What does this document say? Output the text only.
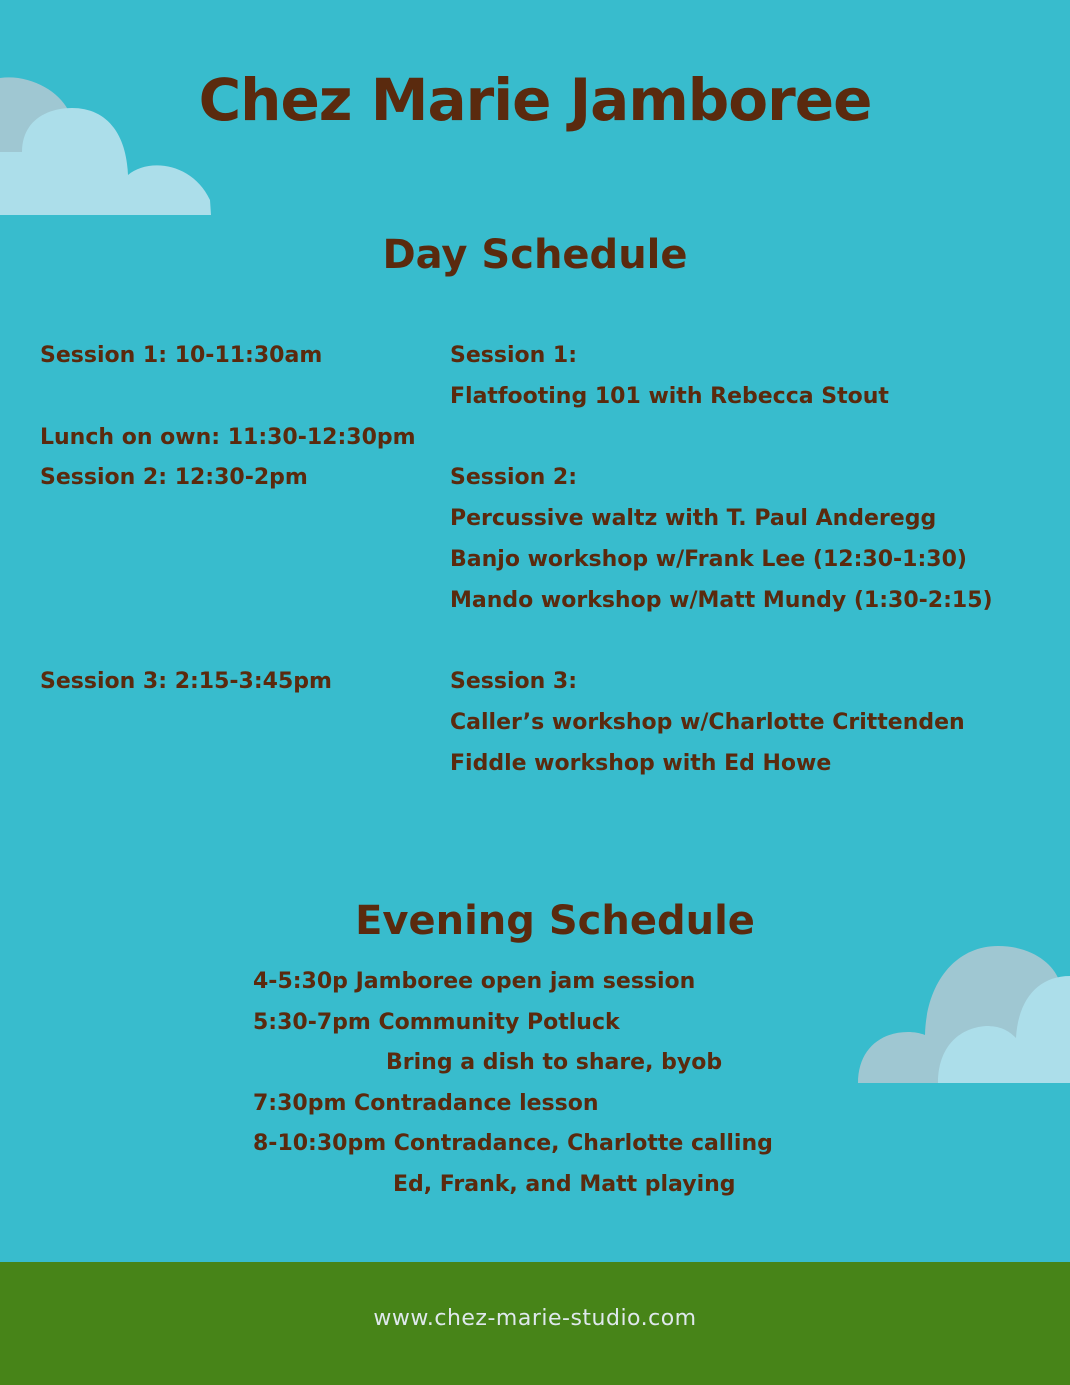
Chez Marie Jamboree
Day Schedule
Session 1: 10-11:30am
Lunch on own: 11:30-12:30pm
Session 2: 12:30-2pm
Session 3: 2:15-3:45pm
Session 1:
Flatfooting 101 with Rebecca Stout
Session 2:
Percussive waltz with T. Paul Anderegg
Banjo workshop w/Frank Lee (12:30-1:30)
Mando workshop w/Matt Mundy (1:30-2:15)
Session 3:
Caller’s workshop w/Charlotte Crittenden
Fiddle workshop with Ed Howe
Evening Schedule
4-5:30p Jamboree open jam session
5:30-7pm Community Potluck
Bring a dish to share, byob
7:30pm Contradance lesson
8-10:30pm Contradance, Charlotte calling
Ed, Frank, and Matt playing
www.chez-marie-studio.com
